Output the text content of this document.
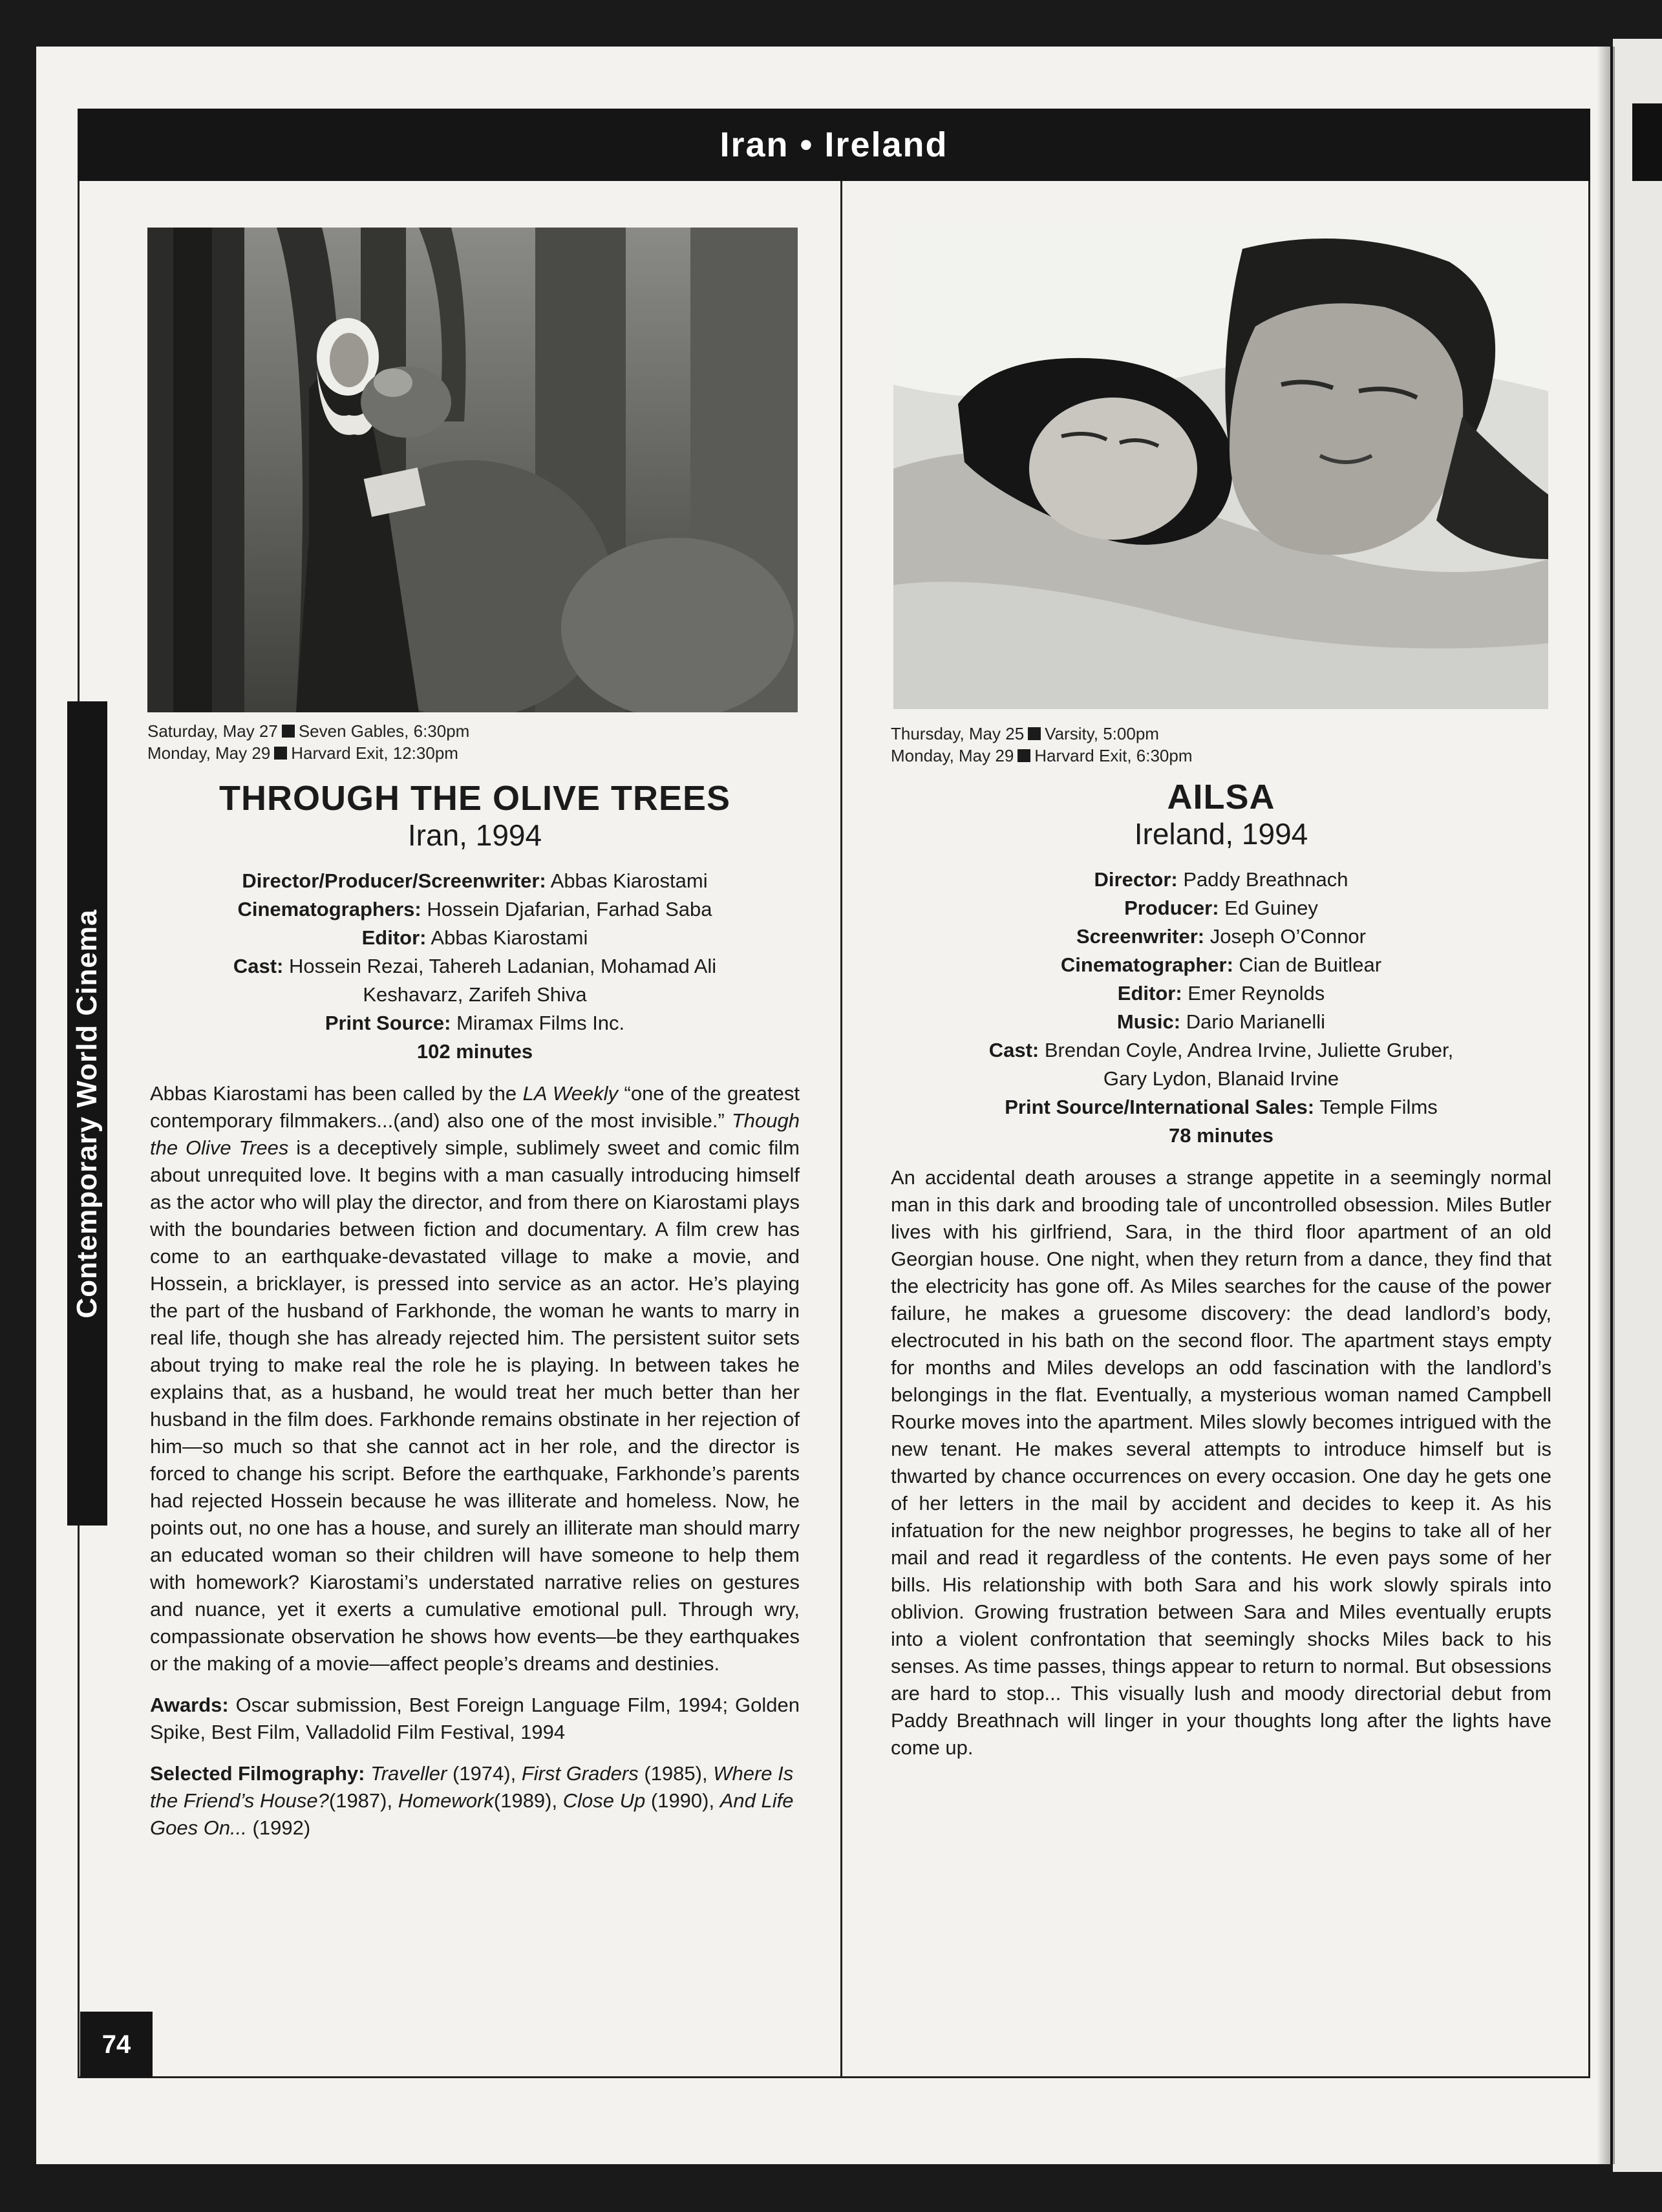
Iran • Ireland
Contemporary World Cinema
74
Saturday, May 27 Seven Gables, 6:30pm
Monday, May 29 Harvard Exit, 12:30pm
THROUGH THE OLIVE TREES
Iran, 1994
Director/Producer/Screenwriter: Abbas Kiarostami
Cinematographers: Hossein Djafarian, Farhad Saba
Editor: Abbas Kiarostami
Cast: Hossein Rezai, Tahereh Ladanian, Mohamad Ali Keshavarz, Zarifeh Shiva
Print Source: Miramax Films Inc.
102 minutes
Abbas Kiarostami has been called by the LA Weekly “one of the greatest contemporary filmmakers...(and) also one of the most invisible.” Though the Olive Trees is a deceptively simple, sublimely sweet and comic film about unrequited love. It begins with a man casually introducing himself as the actor who will play the director, and from there on Kiarostami plays with the boundaries between fiction and documentary. A film crew has come to an earthquake-devastated village to make a movie, and Hossein, a bricklayer, is pressed into service as an actor. He’s playing the part of the husband of Farkhonde, the woman he wants to marry in real life, though she has already rejected him. The persistent suitor sets about trying to make real the role he is playing. In between takes he explains that, as a husband, he would treat her much better than her husband in the film does. Farkhonde remains obstinate in her rejection of him—so much so that she cannot act in her role, and the director is forced to change his script. Before the earthquake, Farkhonde’s parents had rejected Hossein because he was illiterate and homeless. Now, he points out, no one has a house, and surely an illiterate man should marry an educated woman so their children will have someone to help them with homework? Kiarostami’s understated narrative relies on gestures and nuance, yet it exerts a cumulative emotional pull. Through wry, compassionate observation he shows how events—be they earthquakes or the making of a movie—affect people’s dreams and destinies.
Awards: Oscar submission, Best Foreign Language Film, 1994; Golden Spike, Best Film, Valladolid Film Festival, 1994
Selected Filmography: Traveller (1974), First Graders (1985), Where Is the Friend’s House?(1987), Homework(1989), Close Up (1990), And Life Goes On... (1992)
Thursday, May 25 Varsity, 5:00pm
Monday, May 29 Harvard Exit, 6:30pm
AILSA
Ireland, 1994
Director: Paddy Breathnach
Producer: Ed Guiney
Screenwriter: Joseph O’Connor
Cinematographer: Cian de Buitlear
Editor: Emer Reynolds
Music: Dario Marianelli
Cast: Brendan Coyle, Andrea Irvine, Juliette Gruber, Gary Lydon, Blanaid Irvine
Print Source/International Sales: Temple Films
78 minutes
An accidental death arouses a strange appetite in a seemingly normal man in this dark and brooding tale of uncontrolled obsession. Miles Butler lives with his girlfriend, Sara, in the third floor apartment of an old Georgian house. One night, when they return from a dance, they find that the electricity has gone off. As Miles searches for the cause of the power failure, he makes a gruesome discovery: the dead landlord’s body, electrocuted in his bath on the second floor. The apartment stays empty for months and Miles develops an odd fascination with the landlord’s belongings in the flat. Eventually, a mysterious woman named Campbell Rourke moves into the apartment. Miles slowly becomes intrigued with the new tenant. He makes several attempts to introduce himself but is thwarted by chance occurrences on every occasion. One day he gets one of her letters in the mail by accident and decides to keep it. As his infatuation for the new neighbor progresses, he begins to take all of her mail and read it regardless of the contents. He even pays some of her bills. His relationship with both Sara and his work slowly spirals into oblivion. Growing frustration between Sara and Miles eventually erupts into a violent confrontation that seemingly shocks Miles back to his senses. As time passes, things appear to return to normal. But obsessions are hard to stop... This visually lush and moody directorial debut from Paddy Breathnach will linger in your thoughts long after the lights have come up.
